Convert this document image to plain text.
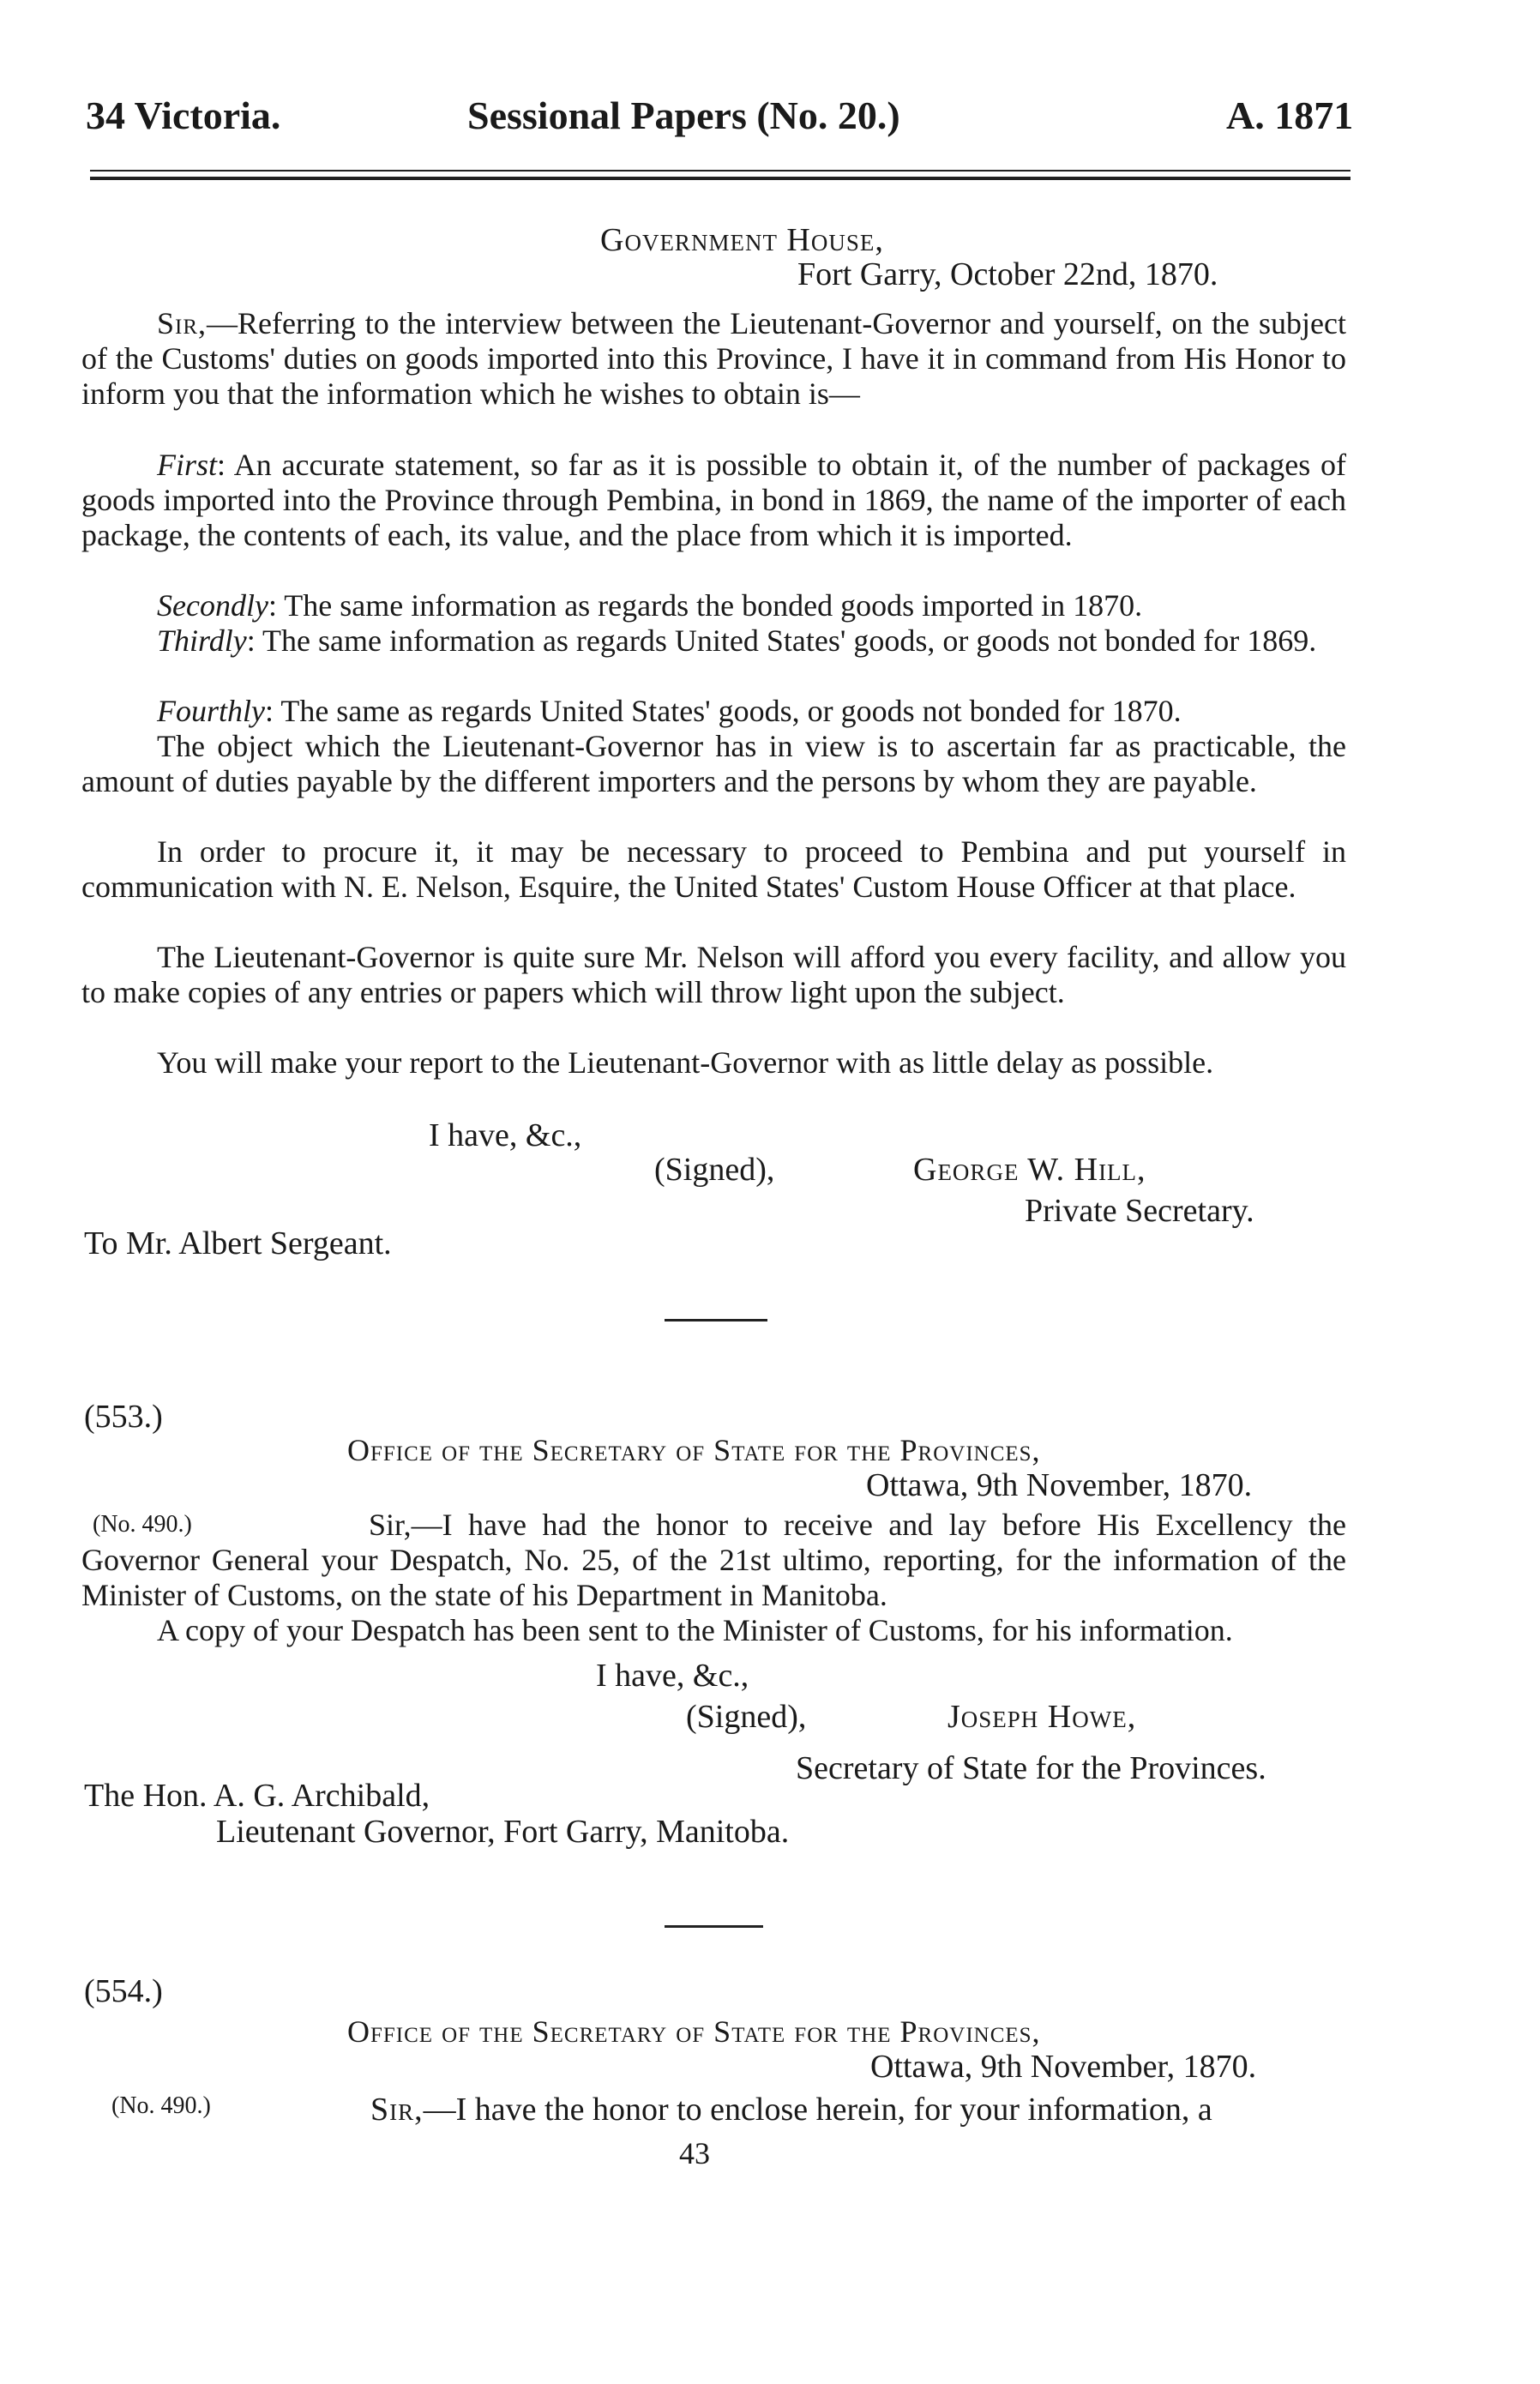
34 Victoria.	Sessional Papers (No. 20.)	A. 1871
Government House,
Fort Garry, October 22nd, 1870.
Sir,—Referring to the interview between the Lieutenant-Governor and yourself, on the subject of the Customs' duties on goods imported into this Province, I have it in command from His Honor to inform you that the information which he wishes to obtain is—
First: An accurate statement, so far as it is possible to obtain it, of the number of packages of goods imported into the Province through Pembina, in bond in 1869, the name of the importer of each package, the contents of each, its value, and the place from which it is imported.
Secondly: The same information as regards the bonded goods imported in 1870.
Thirdly: The same information as regards United States' goods, or goods not bonded for 1869.
Fourthly: The same as regards United States' goods, or goods not bonded for 1870.
The object which the Lieutenant-Governor has in view is to ascertain far as practicable, the amount of duties payable by the different importers and the persons by whom they are payable.
In order to procure it, it may be necessary to proceed to Pembina and put yourself in communication with N. E. Nelson, Esquire, the United States' Custom House Officer at that place.
The Lieutenant-Governor is quite sure Mr. Nelson will afford you every facility, and allow you to make copies of any entries or papers which will throw light upon the subject.
You will make your report to the Lieutenant-Governor with as little delay as possible.
I have, &c.,
(Signed),	George W. Hill,
Private Secretary.
To Mr. Albert Sergeant.
(553.)
Office of the Secretary of State for the Provinces,
Ottawa, 9th November, 1870.
(No. 490.)	Sir,—I have had the honor to receive and lay before His Excellency the Governor General your Despatch, No. 25, of the 21st ultimo, reporting, for the information of the Minister of Customs, on the state of his Department in Manitoba.
A copy of your Despatch has been sent to the Minister of Customs, for his information.
I have, &c.,
(Signed),	Joseph Howe,
Secretary of State for the Provinces.
The Hon. A. G. Archibald,
Lieutenant Governor, Fort Garry, Manitoba.
(554.)
Office of the Secretary of State for the Provinces,
Ottawa, 9th November, 1870.
(No. 490.)	Sir,—I have the honor to enclose herein, for your information, a
43
